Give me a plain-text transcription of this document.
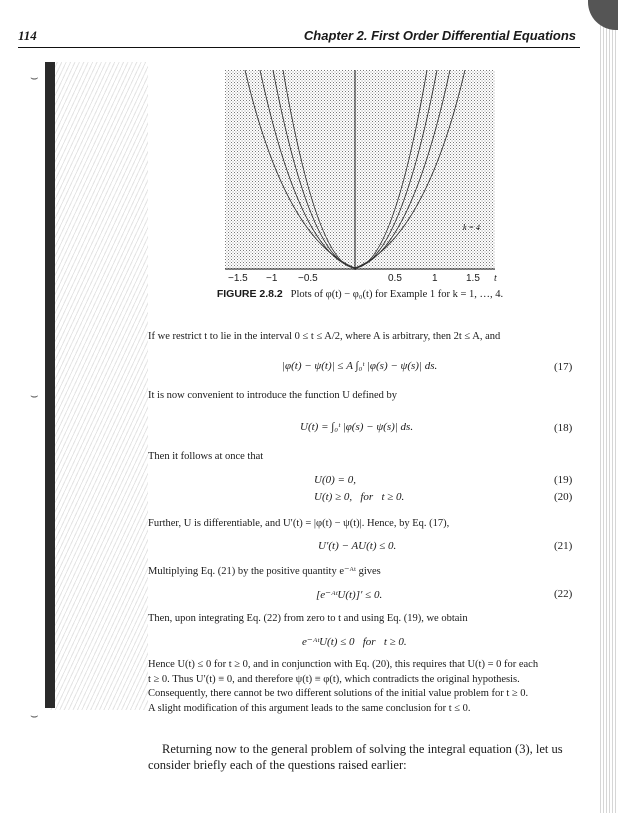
⌣
⌣
⌣
114	Chapter 2. First Order Differential Equations
k = 4
−1.5 −1 −0.5	0.5	1	1.5 t
FIGURE 2.8.2 Plots of φ(t) − φ₀(t) for Example 1 for k = 1, …, 4.
If we restrict t to lie in the interval 0 ≤ t ≤ A/2, where A is arbitrary, then 2t ≤ A, and
|φ(t) − ψ(t)| ≤ A ∫₀ᵗ |φ(s) − ψ(s)| ds.	(17)
It is now convenient to introduce the function U defined by
U(t) = ∫₀ᵗ |φ(s) − ψ(s)| ds.	(18)
Then it follows at once that
U(0) = 0,	(19)
U(t) ≥ 0,   for   t ≥ 0.	(20)
Further, U is differentiable, and U′(t) = |φ(t) − ψ(t)|. Hence, by Eq. (17),
U′(t) − AU(t) ≤ 0.	(21)
Multiplying Eq. (21) by the positive quantity e⁻ᴬᵗ gives
[e⁻ᴬᵗU(t)]′ ≤ 0.	(22)
Then, upon integrating Eq. (22) from zero to t and using Eq. (19), we obtain
e⁻ᴬᵗU(t) ≤ 0   for   t ≥ 0.
Hence U(t) ≤ 0 for t ≥ 0, and in conjunction with Eq. (20), this requires that U(t) = 0 for each
t ≥ 0. Thus U′(t) ≡ 0, and therefore ψ(t) ≡ φ(t), which contradicts the original hypothesis.
Consequently, there cannot be two different solutions of the initial value problem for t ≥ 0.
A slight modification of this argument leads to the same conclusion for t ≤ 0.
Returning now to the general problem of solving the integral equation (3), let us
consider briefly each of the questions raised earlier:
